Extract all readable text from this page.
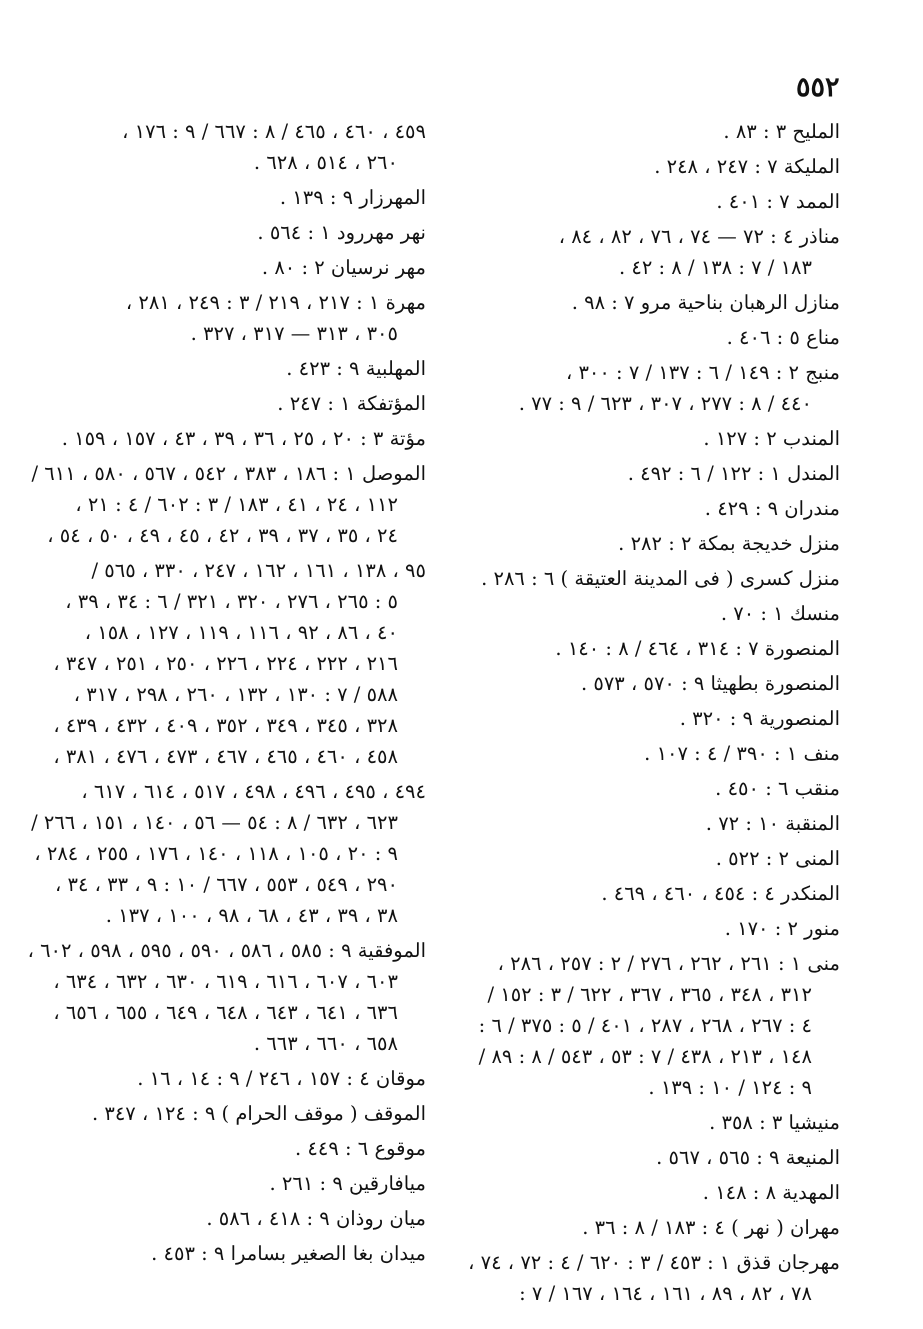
٥٥٢
المليح ٣ : ٨٣ .
المليكة ٧ : ٢٤٧ ، ٢٤٨ .
الممد ٧ : ٤٠١ .
مناذر ٤ : ٧٢ — ٧٤ ، ٧٦ ، ٨٢ ، ٨٤ ،
١٨٣ / ٧ : ١٣٨ / ٨ : ٤٢ .
منازل الرهبان بناحية مرو ٧ : ٩٨ .
مناع ٥ : ٤٠٦ .
منبج ٢ : ١٤٩ / ٦ : ١٣٧ / ٧ : ٣٠٠ ،
٤٤٠ / ٨ : ٢٧٧ ، ٣٠٧ ، ٦٢٣ / ٩ : ٧٧ .
المندب ٢ : ١٢٧ .
المندل ١ : ١٢٢ / ٦ : ٤٩٢ .
مندران ٩ : ٤٢٩ .
منزل خديجة بمكة ٢ : ٢٨٢ .
منزل كسرى ( فى المدينة العتيقة ) ٦ : ٢٨٦ .
منسك ١ : ٧٠ .
المنصورة ٧ : ٣١٤ ، ٤٦٤ / ٨ : ١٤٠ .
المنصورة بطهيثا ٩ : ٥٧٠ ، ٥٧٣ .
المنصورية ٩ : ٣٢٠ .
منف ١ : ٣٩٠ / ٤ : ١٠٧ .
منقب ٦ : ٤٥٠ .
المنقبة ١٠ : ٧٢ .
المنى ٢ : ٥٢٢ .
المنكدر ٤ : ٤٥٤ ، ٤٦٠ ، ٤٦٩ .
منور ٢ : ١٧٠ .
منى ١ : ٢٦١ ، ٢٦٢ ، ٢٧٦ / ٢ : ٢٥٧ ، ٢٨٦ ،
٣١٢ ، ٣٤٨ ، ٣٦٥ ، ٣٦٧ ، ٦٢٢ / ٣ : ١٥٢ /
٤ : ٢٦٧ ، ٢٦٨ ، ٢٨٧ ، ٤٠١ / ٥ : ٣٧٥ / ٦ :
١٤٨ ، ٢١٣ ، ٤٣٨ / ٧ : ٥٣ ، ٥٤٣ / ٨ : ٨٩ /
٩ : ١٢٤ / ١٠ : ١٣٩ .
منيشيا ٣ : ٣٥٨ .
المنيعة ٩ : ٥٦٥ ، ٥٦٧ .
المهدية ٨ : ١٤٨ .
مهران ( نهر ) ٤ : ١٨٣ / ٨ : ٣٦ .
مهرجان قذق ١ : ٤٥٣ / ٣ : ٦٢٠ / ٤ : ٧٢ ، ٧٤ ،
٧٨ ، ٨٢ ، ٨٩ ، ١٦١ ، ١٦٤ ، ١٦٧ / ٧ :
٤٥٩ ، ٤٦٠ ، ٤٦٥ / ٨ : ٦٦٧ / ٩ : ١٧٦ ،
٢٦٠ ، ٥١٤ ، ٦٢٨ .
المهرزار ٩ : ١٣٩ .
نهر مهررود ١ : ٥٦٤ .
مهر نرسيان ٢ : ٨٠ .
مهرة ١ : ٢١٧ ، ٢١٩ / ٣ : ٢٤٩ ، ٢٨١ ،
٣٠٥ ، ٣١٣ — ٣١٧ ، ٣٢٧ .
المهلبية ٩ : ٤٢٣ .
المؤتفكة ١ : ٢٤٧ .
مؤتة ٣ : ٢٠ ، ٢٥ ، ٣٦ ، ٣٩ ، ٤٣ ، ١٥٧ ، ١٥٩ .
الموصل ١ : ١٨٦ ، ٣٨٣ ، ٥٤٢ ، ٥٦٧ ، ٥٨٠ ، ٦١١ /
١١٢ ، ٢٤ ، ٤١ ، ١٨٣ / ٣ : ٦٠٢ / ٤ : ٢١ ،
٢٤ ، ٣٥ ، ٣٧ ، ٣٩ ، ٤٢ ، ٤٥ ، ٤٩ ، ٥٠ ، ٥٤ ،
٩٥ ، ١٣٨ ، ١٦١ ، ١٦٢ ، ٢٤٧ ، ٣٣٠ ، ٥٦٥ /
٥ : ٢٦٥ ، ٢٧٦ ، ٣٢٠ ، ٣٢١ / ٦ : ٣٤ ، ٣٩ ،
٤٠ ، ٨٦ ، ٩٢ ، ١١٦ ، ١١٩ ، ١٢٧ ، ١٥٨ ،
٢١٦ ، ٢٢٢ ، ٢٢٤ ، ٢٢٦ ، ٢٥٠ ، ٢٥١ ، ٣٤٧ ،
٥٨٨ / ٧ : ١٣٠ ، ١٣٢ ، ٢٦٠ ، ٢٩٨ ، ٣١٧ ،
٣٢٨ ، ٣٤٥ ، ٣٤٩ ، ٣٥٢ ، ٤٠٩ ، ٤٣٢ ، ٤٣٩ ،
٤٥٨ ، ٤٦٠ ، ٤٦٥ ، ٤٦٧ ، ٤٧٣ ، ٤٧٦ ، ٣٨١ ،
٤٩٤ ، ٤٩٥ ، ٤٩٦ ، ٤٩٨ ، ٥١٧ ، ٦١٤ ، ٦١٧ ،
٦٢٣ ، ٦٣٢ / ٨ : ٥٤ — ٥٦ ، ١٤٠ ، ١٥١ ، ٢٦٦ /
٩ : ٢٠ ، ١٠٥ ، ١١٨ ، ١٤٠ ، ١٧٦ ، ٢٥٥ ، ٢٨٤ ،
٢٩٠ ، ٥٤٩ ، ٥٥٣ ، ٦٦٧ / ١٠ : ٩ ، ٣٣ ، ٣٤ ،
٣٨ ، ٣٩ ، ٤٣ ، ٦٨ ، ٩٨ ، ١٠٠ ، ١٣٧ .
الموفقية ٩ : ٥٨٥ ، ٥٨٦ ، ٥٩٠ ، ٥٩٥ ، ٥٩٨ ، ٦٠٢ ،
٦٠٣ ، ٦٠٧ ، ٦١٦ ، ٦١٩ ، ٦٣٠ ، ٦٣٢ ، ٦٣٤ ،
٦٣٦ ، ٦٤١ ، ٦٤٣ ، ٦٤٨ ، ٦٤٩ ، ٦٥٥ ، ٦٥٦ ،
٦٥٨ ، ٦٦٠ ، ٦٦٣ .
موقان ٤ : ١٥٧ ، ٢٤٦ / ٩ : ١٤ ، ١٦ .
الموقف ( موقف الحرام ) ٩ : ١٢٤ ، ٣٤٧ .
موقوع ٦ : ٤٤٩ .
ميافارقين ٩ : ٢٦١ .
ميان روذان ٩ : ٤١٨ ، ٥٨٦ .
ميدان بغا الصغير بسامرا ٩ : ٤٥٣ .
